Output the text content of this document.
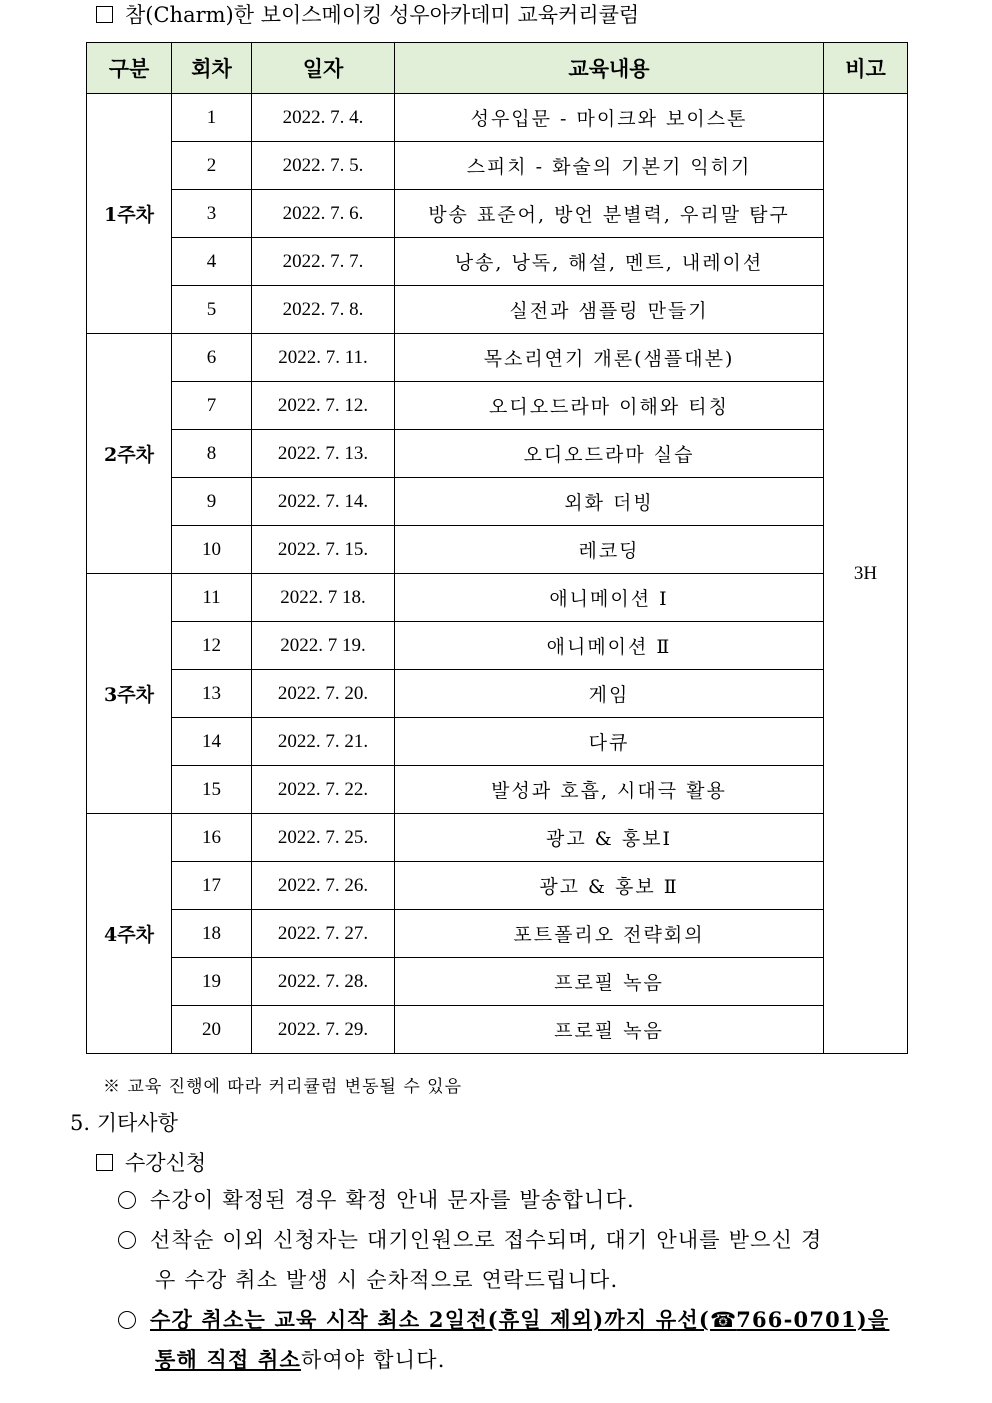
참(Charm)한 보이스메이킹 성우아카데미 교육커리큘럼
구분	회차	일자	교육내용	비고
1주차	1	2022. 7. 4.	성우입문 - 마이크와 보이스톤	3H
	2	2022. 7. 5.	스피치 - 화술의 기본기 익히기	
	3	2022. 7. 6.	방송 표준어, 방언 분별력, 우리말 탐구	
	4	2022. 7. 7.	낭송, 낭독, 해설, 멘트, 내레이션	
	5	2022. 7. 8.	실전과 샘플링 만들기	
2주차	6	2022. 7. 11.	목소리연기 개론(샘플대본)	
	7	2022. 7. 12.	오디오드라마 이해와 티칭	
	8	2022. 7. 13.	오디오드라마 실습	
	9	2022. 7. 14.	외화 더빙	
	10	2022. 7. 15.	레코딩	
3주차	11	2022. 7 18.	애니메이션 Ⅰ	
	12	2022. 7 19.	애니메이션 Ⅱ	
	13	2022. 7. 20.	게임	
	14	2022. 7. 21.	다큐	
	15	2022. 7. 22.	발성과 호흡, 시대극 활용	
4주차	16	2022. 7. 25.	광고 & 홍보Ⅰ	
	17	2022. 7. 26.	광고 & 홍보 Ⅱ	
	18	2022. 7. 27.	포트폴리오 전략회의	
	19	2022. 7. 28.	프로필 녹음	
	20	2022. 7. 29.	프로필 녹음	
※ 교육 진행에 따라 커리큘럼 변동될 수 있음
5. 기타사항
수강신청
수강이 확정된 경우 확정 안내 문자를 발송합니다.
선착순 이외 신청자는 대기인원으로 접수되며, 대기 안내를 받으신 경
우 수강 취소 발생 시 순차적으로 연락드립니다.
수강 취소는 교육 시작 최소 2일전(휴일 제외)까지 유선(☎766-0701)을
통해 직접 취소하여야 합니다.
